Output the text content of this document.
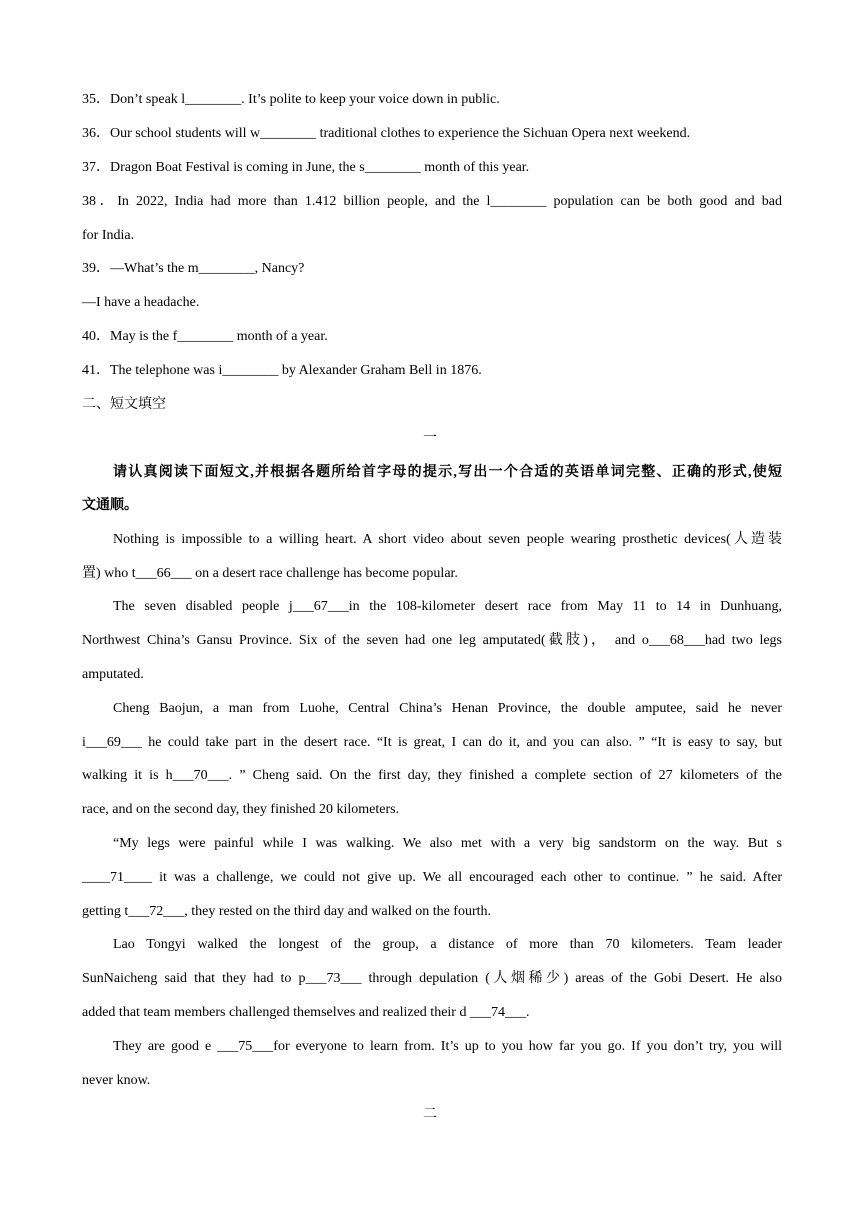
35．Don’t speak l________. It’s polite to keep your voice down in public.
36．Our school students will w________ traditional clothes to experience the Sichuan Opera next weekend.
37．Dragon Boat Festival is coming in June, the s________ month of this year.
38．In 2022, India had more than 1.412 billion people, and the l________ population can be both good and bad
for India.
39．—What’s the m________, Nancy?
—I have a headache.
40．May is the f________ month of a year.
41．The telephone was i________ by Alexander Graham Bell in 1876.
二、短文填空
一
请认真阅读下面短文,并根据各题所给首字母的提示,写出一个合适的英语单词完整、正确的形式,使短
文通顺。
Nothing is impossible to a willing heart. A short video about seven people wearing prosthetic devices(人造装
置) who t___66___ on a desert race challenge has become popular.
The seven disabled people j___67___in the 108-kilometer desert race from May 11 to 14 in Dunhuang,
Northwest China’s Gansu Province. Six of the seven had one leg amputated(截肢)， and o___68___had two legs
amputated.
Cheng Baojun, a man from Luohe, Central China’s Henan Province, the double amputee, said he never
i___69___ he could take part in the desert race. “It is great, I can do it, and you can also. ” “It is easy to say, but
walking it is h___70___. ” Cheng said. On the first day, they finished a complete section of 27 kilometers of the
race, and on the second day, they finished 20 kilometers.
“My legs were painful while I was walking. We also met with a very big sandstorm on the way. But s
____71____ it was a challenge, we could not give up. We all encouraged each other to continue. ” he said. After
getting t___72___, they rested on the third day and walked on the fourth.
Lao Tongyi walked the longest of the group, a distance of more than 70 kilometers. Team leader
SunNaicheng said that they had to p___73___ through depulation (人烟稀少) areas of the Gobi Desert. He also
added that team members challenged themselves and realized their d ___74___.
They are good e ___75___for everyone to learn from. It’s up to you how far you go. If you don’t try, you will
never know.
二
